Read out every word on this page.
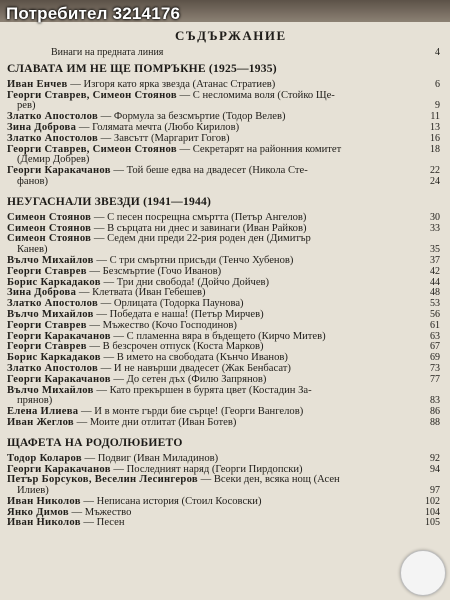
Потребител 3214176
СЪДЪРЖАНИЕ
Винаги на предната линия	4
СЛАВАТА ИМ НЕ ЩЕ ПОМРЪКНЕ (1925—1935)
Иван Енчев — Изгоря като ярка звезда (Атанас Стратиев)	6
Георги Ставрев, Симеон Стоянов — С несломима воля (Стойко Ще-
рев)	9
Златко Апостолов — Формула за безсмъртие (Тодор Велев)	11
Зина Доброва — Голямата мечта (Любо Кирилов)	13
Златко Апостолов — Завсътт (Маргарит Гогов)	16
Георги Ставрев, Симеон Стоянов — Секретарят на районния комитет	18
(Демир Добрев)
Георги Каракачанов — Той беше едва на двадесет (Никола Сте-	22
фанов)	24
НЕУГАСНАЛИ ЗВЕЗДИ (1941—1944)
Симеон Стоянов — С песен посрещна смъртта (Петър Ангелов)	30
Симеон Стоянов — В сърцата ни днес и завинаги (Иван Райков)	33
Симеон Стоянов — Седем дни преди 22-рия роден ден (Димитър
Канев)	35
Вълчо Михайлов — С три смъртни присъди (Тенчо Хубенов)	37
Георги Ставрев — Безсмъртие (Гочо Иванов)	42
Борис Каркадаков — Три дни свобода! (Дойчо Дойчев)	44
Зина Доброва — Клетвата (Иван Гебешев)	48
Златко Апостолов — Орлицата (Тодорка Паунова)	53
Вълчо Михайлов — Победата е наша! (Петър Мирчев)	56
Георги Ставрев — Мъжество (Кочо Господинов)	61
Георги Каракачанов — С пламенна вяра в бъдещето (Кирчо Митев)	63
Георги Ставрев — В безсрочен отпуск (Коста Марков)	67
Борис Каркадаков — В името на свободата (Кънчо Иванов)	69
Златко Апостолов — И не навърши двадесет (Жак Бенбасат)	73
Георги Каракачанов — До сетен дъх (Филю Запрянов)	77
Вълчо Михайлов — Като прекършен в бурята цвет (Костадин За-
прянов)	83
Елена Илиева — И в монте гърди бие сърце! (Георги Вангелов)	86
Иван Жеглов — Моите дни отлитат (Иван Ботев)	88
ЩАФЕТА НА РОДОЛЮБИЕТО
Тодор Коларов — Подвиг (Иван Миладинов)	92
Георги Каракачанов — Последният наряд (Георги Пирдопски)	94
Петър Борсуков, Веселин Лесингеров — Всеки ден, всяка нощ (Асен
Илиев)	97
Иван Николов — Неписана история (Стоил Косовски)	102
Янко Димов — Мъжество	104
Иван Николов — Песен	105
